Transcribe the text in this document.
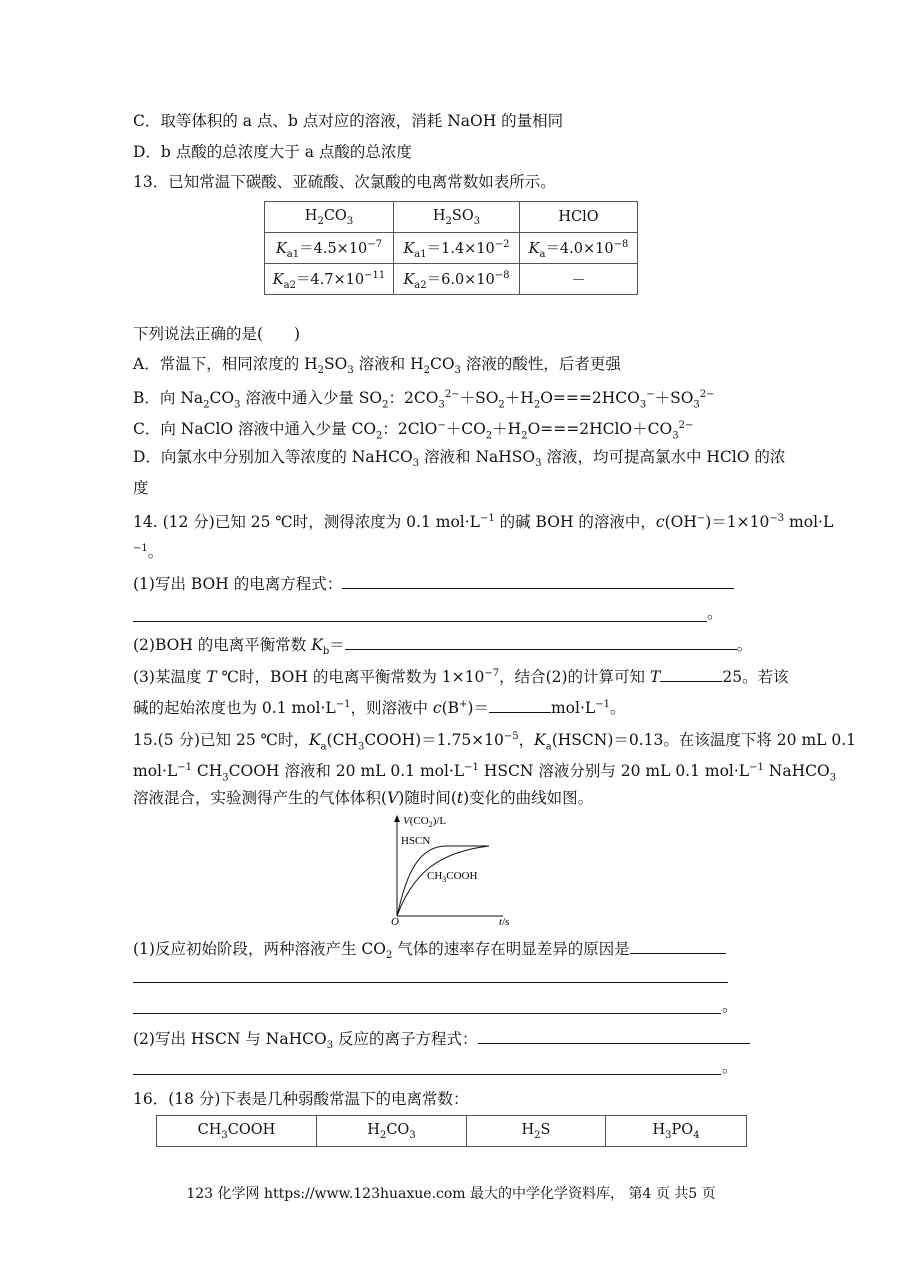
C．取等体积的 a 点、b 点对应的溶液，消耗 NaOH 的量相同
D．b 点酸的总浓度大于 a 点酸的总浓度
13．已知常温下碳酸、亚硫酸、次氯酸的电离常数如表所示。
$H_2CO_3$	$H_2SO_3$	HClO
$K_{a1}=4.5\times 10^{-7}$	$K_{a1}=1.4\times 10^{-2}$	$K_a=4.0\times 10^{-8}$
$K_{a2}=4.7\times 10^{-11}$	$K_{a2}=6.0\times 10^{-8}$	－
下列说法正确的是(　　)
A．常温下，相同浓度的 $H_2SO_3$ 溶液和 $H_2CO_3$ 溶液的酸性，后者更强
B．向 $Na_2CO_3$ 溶液中通入少量 $SO_2$：$2CO_3^{2-}+SO_2+H_2O===2HCO_3^-+SO_3^{2-}$
C．向 NaClO 溶液中通入少量 $CO_2$：$2ClO^-+CO_2+H_2O===2HClO+CO_3^{2-}$
D．向氯水中分别加入等浓度的 NaHCO$_3$ 溶液和 NaHSO$_3$ 溶液，均可提高氯水中 HClO 的浓
度
14. (12 分)已知 25 ℃时，测得浓度为 0.1 $mol\cdot L^{-1}$ 的碱 BOH 的溶液中，$c(OH^-)=1\times 10^{-3}$ mol·L
$^{-1}$。
(1)写出 BOH 的电离方程式：
。
(2)BOH 的电离平衡常数 $K_b=$	。
(3)某温度 T ℃时，BOH 的电离平衡常数为 $1\times 10^{-7}$，结合(2)的计算可知 T	25。若该
碱的起始浓度也为 0.1 $mol\cdot L^{-1}$，则溶液中 c(B+)＝	$mol\cdot L^{-1}$。
15.(5 分)已知 25 ℃时，$K_a(CH_3COOH)=1.75\times 10^{-5}$，$K_a(HSCN)=0.13$。在该温度下将 20 mL 0.1
$mol\cdot L^{-1}$ $CH_3COOH$ 溶液和 20 mL 0.1 $mol\cdot L^{-1}$ HSCN 溶液分别与 20 mL 0.1 $mol\cdot L^{-1}$ NaHCO$_3$
溶液混合，实验测得产生的气体体积(V)随时间(t)变化的曲线如图。
$V(CO_2)/L$
HSCN
$CH_3COOH$
O	t/s
(1)反应初始阶段，两种溶液产生 $CO_2$ 气体的速率存在明显差异的原因是
。
(2)写出 HSCN 与 NaHCO$_3$ 反应的离子方程式：
。
16．(18 分)下表是几种弱酸常温下的电离常数：
$CH_3COOH$	$H_2CO_3$	$H_2S$	$H_3PO_4$
123 化学网 https://www.123huaxue.com 最大的中学化学资料库， 第4 页 共5 页
